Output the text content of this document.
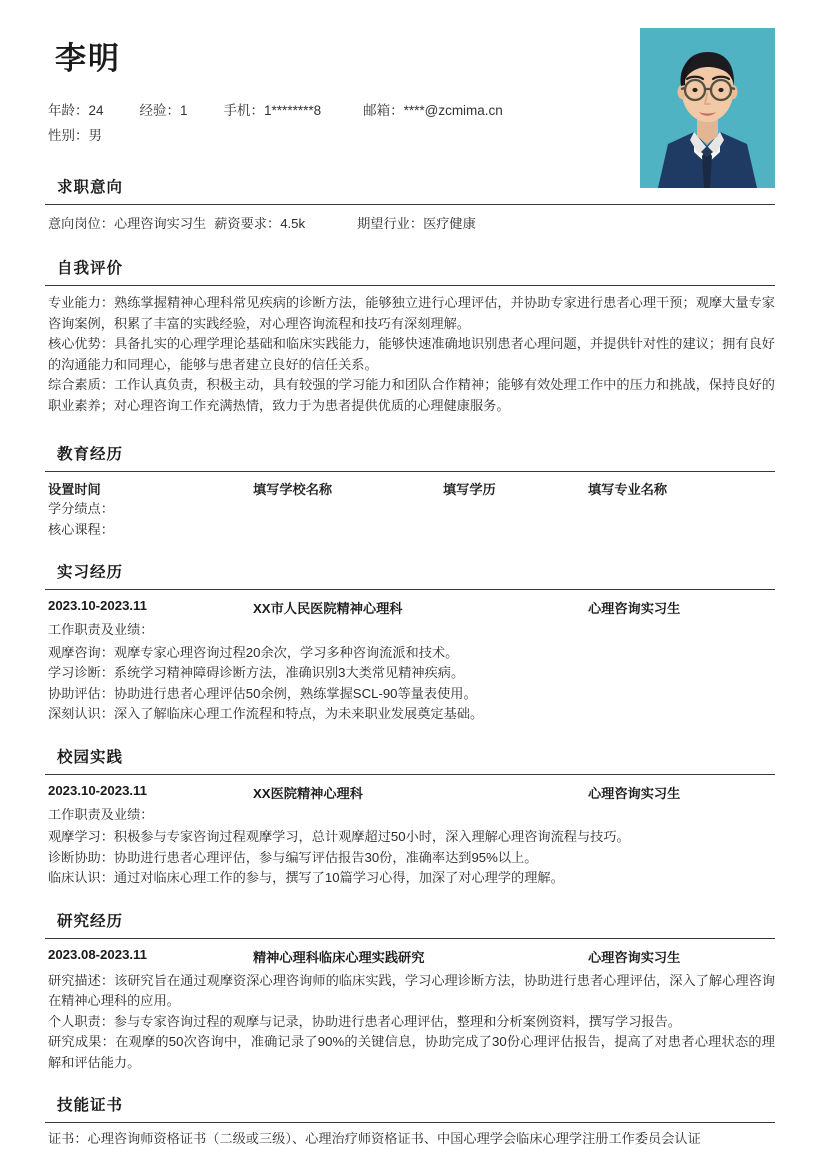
李明
年龄：24	经验：1	手机：1********8	邮箱：****@zcmima.cn
性别：男
求职意向
意向岗位：心理咨询实习生 薪资要求：4.5k	期望行业：医疗健康
自我评价

专业能力：熟练掌握精神心理科常见疾病的诊断方法，能够独立进行心理评估，并协助专家进行患者心理干预；观摩大量专家咨询案例，积累了丰富的实践经验，对心理咨询流程和技巧有深刻理解。

核心优势：具备扎实的心理学理论基础和临床实践能力，能够快速准确地识别患者心理问题，并提供针对性的建议；拥有良好的沟通能力和同理心，能够与患者建立良好的信任关系。

综合素质：工作认真负责，积极主动，具有较强的学习能力和团队合作精神；能够有效处理工作中的压力和挑战，保持良好的职业素养；对心理咨询工作充满热情，致力于为患者提供优质的心理健康服务。

教育经历
设置时间	填写学校名称	填写学历	填写专业名称
学分绩点：
核心课程：
实习经历
2023.10-2023.11	XX市人民医院精神心理科	心理咨询实习生
工作职责及业绩：
观摩咨询：观摩专家心理咨询过程20余次，学习多种咨询流派和技术。
学习诊断：系统学习精神障碍诊断方法，准确识别3大类常见精神疾病。
协助评估：协助进行患者心理评估50余例，熟练掌握SCL-90等量表使用。
深刻认识：深入了解临床心理工作流程和特点，为未来职业发展奠定基础。
校园实践
2023.10-2023.11	XX医院精神心理科	心理咨询实习生
工作职责及业绩：
观摩学习：积极参与专家咨询过程观摩学习，总计观摩超过50小时，深入理解心理咨询流程与技巧。
诊断协助：协助进行患者心理评估，参与编写评估报告30份，准确率达到95%以上。
临床认识：通过对临床心理工作的参与，撰写了10篇学习心得，加深了对心理学的理解。
研究经历
2023.08-2023.11	精神心理科临床心理实践研究	心理咨询实习生
研究描述：该研究旨在通过观摩资深心理咨询师的临床实践，学习心理诊断方法，协助进行患者心理评估，深入了解心理咨询在精神心理科的应用。
个人职责：参与专家咨询过程的观摩与记录，协助进行患者心理评估，整理和分析案例资料，撰写学习报告。
研究成果：在观摩的50次咨询中，准确记录了90%的关键信息，协助完成了30份心理评估报告，提高了对患者心理状态的理解和评估能力。
技能证书
证书：心理咨询师资格证书（二级或三级）、心理治疗师资格证书、中国心理学会临床心理学注册工作委员会认证
